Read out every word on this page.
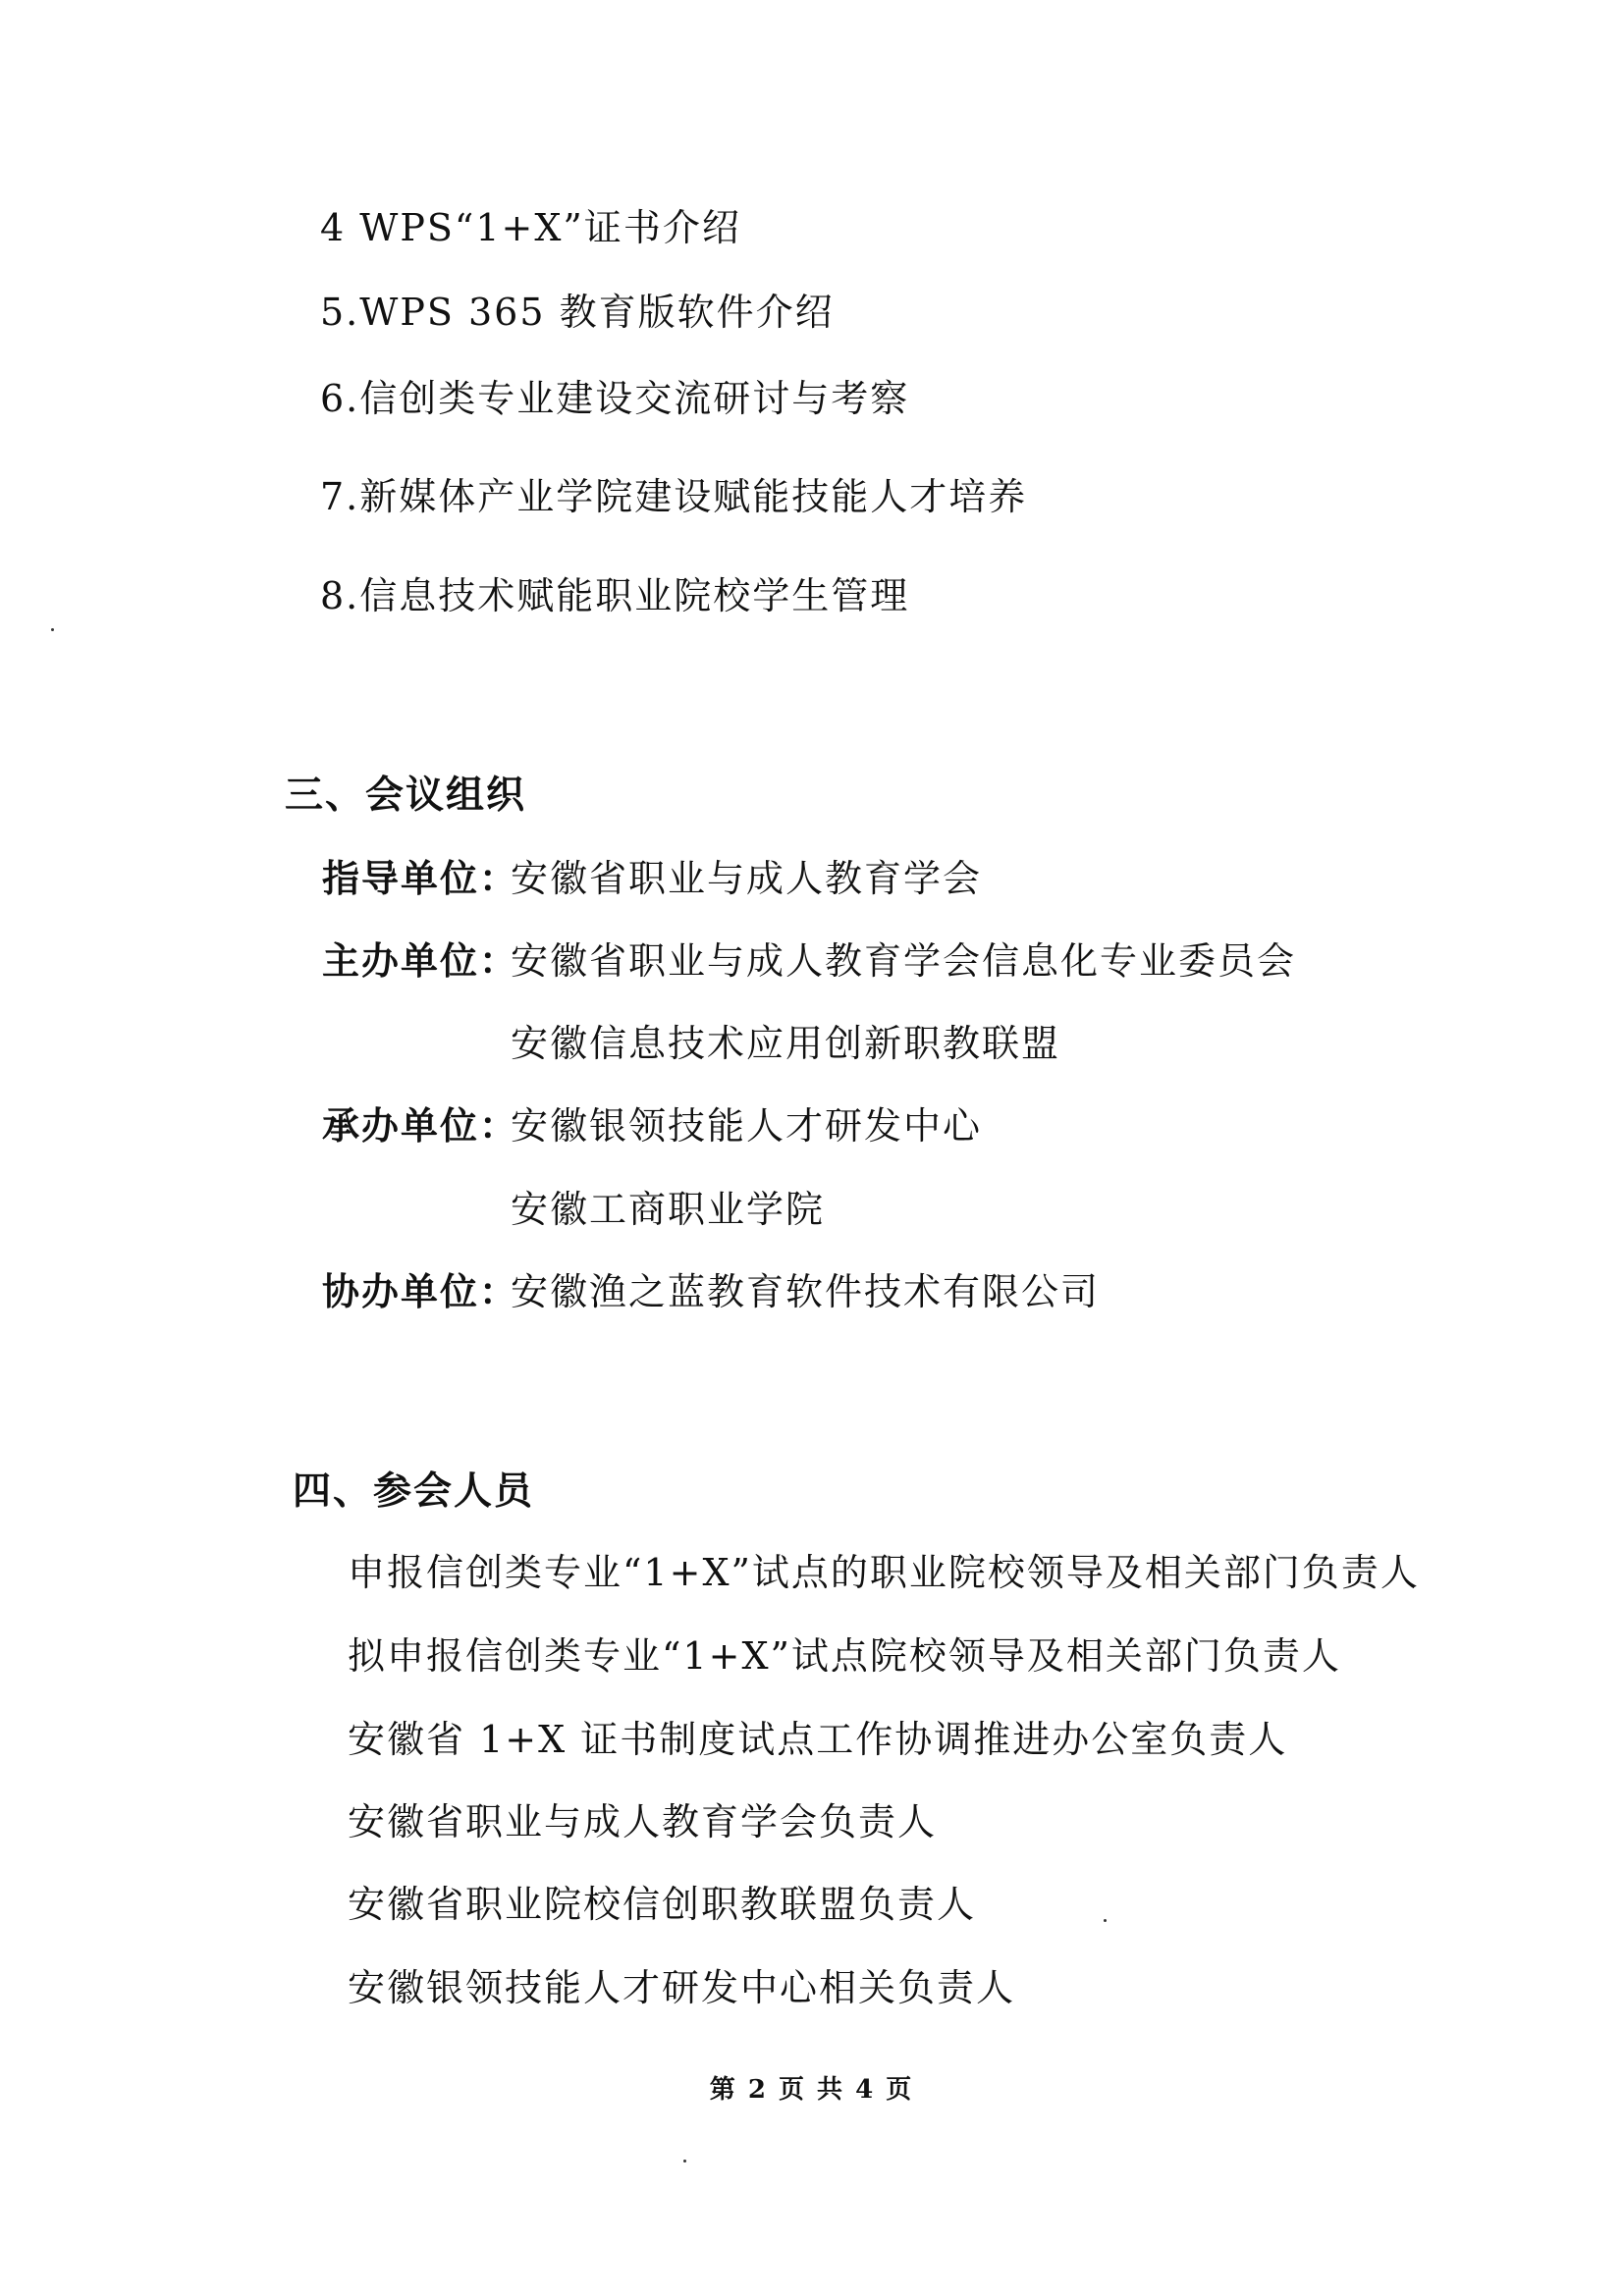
4 WPS“1+X”证书介绍
5.WPS 365 教育版软件介绍
6.信创类专业建设交流研讨与考察
7.新媒体产业学院建设赋能技能人才培养
8.信息技术赋能职业院校学生管理
三、会议组织
指导单位：
安徽省职业与成人教育学会
主办单位：
安徽省职业与成人教育学会信息化专业委员会
安徽信息技术应用创新职教联盟
承办单位：
安徽银领技能人才研发中心
安徽工商职业学院
协办单位：
安徽渔之蓝教育软件技术有限公司
四、参会人员
申报信创类专业“1+X”试点的职业院校领导及相关部门负责人
拟申报信创类专业“1+X”试点院校领导及相关部门负责人
安徽省 1+X 证书制度试点工作协调推进办公室负责人
安徽省职业与成人教育学会负责人
安徽省职业院校信创职教联盟负责人
安徽银领技能人才研发中心相关负责人
第 2 页 共 4 页
